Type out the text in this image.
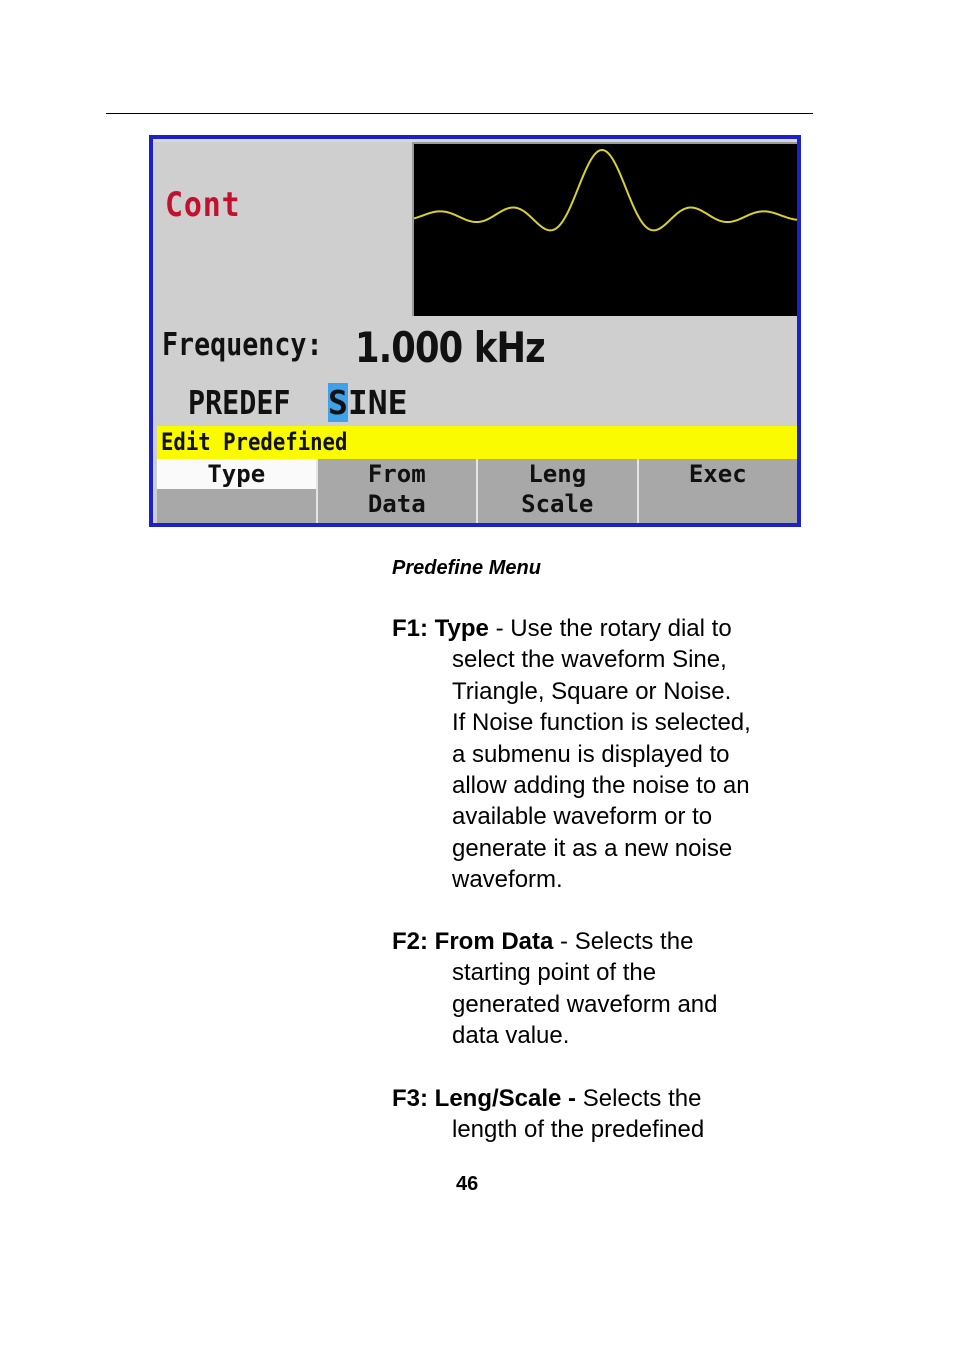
Cont
Frequency: 1.000 kHz
PREDEF SINE
Edit Predefined
Type	From
Data
Leng
Scale
Exec
Predefine Menu
F1: Type - Use the rotary dial to
select the waveform Sine,
Triangle, Square or Noise.
If Noise function is selected,
a submenu is displayed to
allow adding the noise to an
available waveform or to
generate it as a new noise
waveform.
F2: From Data - Selects the
starting point of the
generated waveform and
data value.
F3: Leng/Scale - Selects the
length of the predefined
46
